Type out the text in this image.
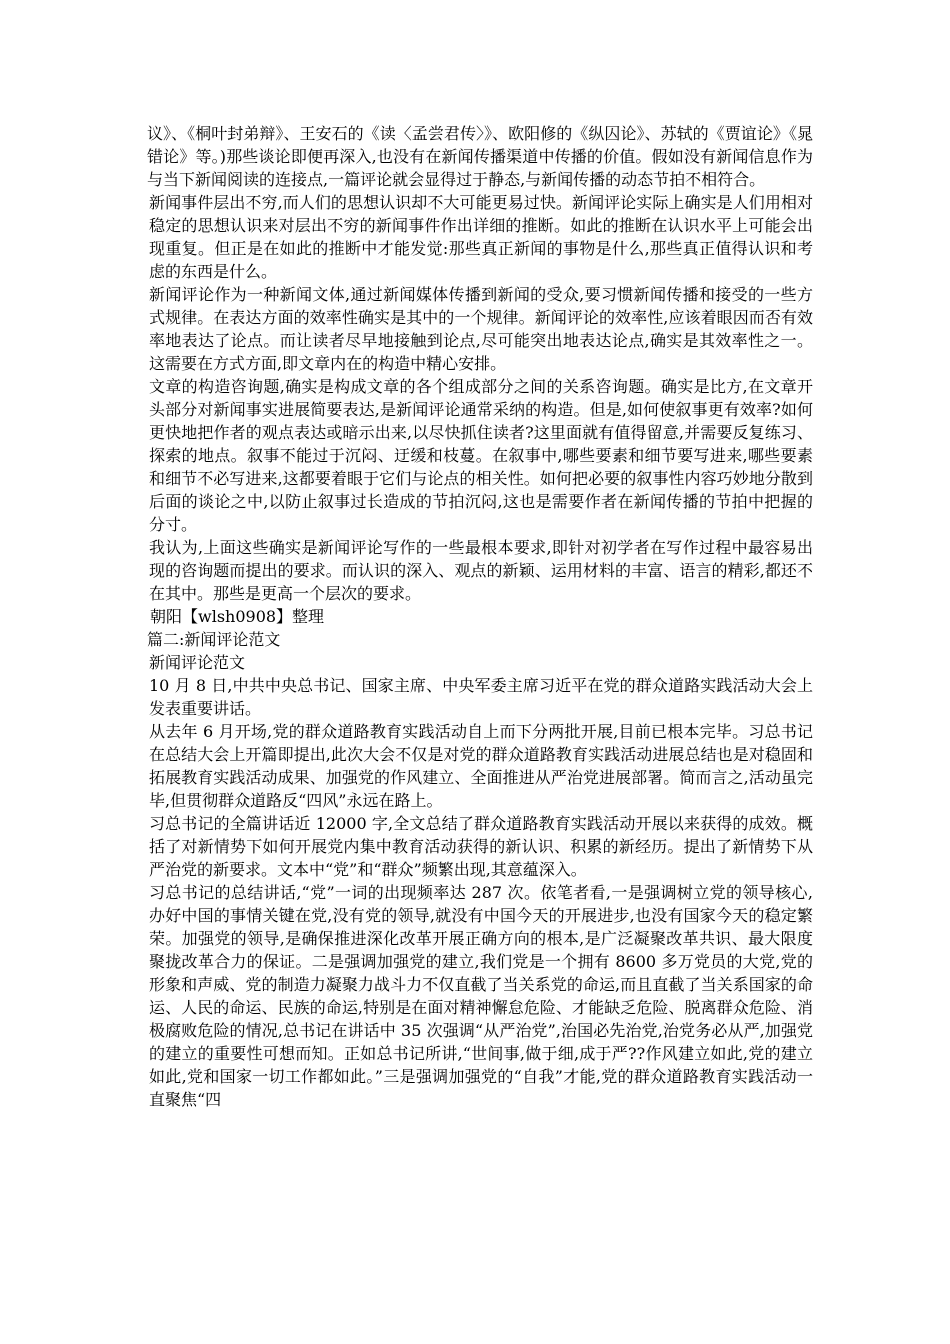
议》、《桐叶封弟辩》、王安石的《读〈孟尝君传〉》、欧阳修的《纵囚论》、苏轼的《贾谊论》《晁错论》等。)那些谈论即便再深入,也没有在新闻传播渠道中传播的价值。假如没有新闻信息作为与当下新闻阅读的连接点,一篇评论就会显得过于静态,与新闻传播的动态节拍不相符合。

新闻事件层出不穷,而人们的思想认识却不大可能更易过快。新闻评论实际上确实是人们用相对稳定的思想认识来对层出不穷的新闻事件作出详细的推断。如此的推断在认识水平上可能会出现重复。但正是在如此的推断中才能发觉:那些真正新闻的事物是什么,那些真正值得认识和考虑的东西是什么。

新闻评论作为一种新闻文体,通过新闻媒体传播到新闻的受众,要习惯新闻传播和接受的一些方式规律。在表达方面的效率性确实是其中的一个规律。新闻评论的效率性,应该着眼因而否有效率地表达了论点。而让读者尽早地接触到论点,尽可能突出地表达论点,确实是其效率性之一。这需要在方式方面,即文章内在的构造中精心安排。

文章的构造咨询题,确实是构成文章的各个组成部分之间的关系咨询题。确实是比方,在文章开头部分对新闻事实进展简要表达,是新闻评论通常采纳的构造。但是,如何使叙事更有效率?如何更快地把作者的观点表达或暗示出来,以尽快抓住读者?这里面就有值得留意,并需要反复练习、探索的地点。叙事不能过于沉闷、迂缓和枝蔓。在叙事中,哪些要素和细节要写进来,哪些要素和细节不必写进来,这都要着眼于它们与论点的相关性。如何把必要的叙事性内容巧妙地分散到后面的谈论之中,以防止叙事过长造成的节拍沉闷,这也是需要作者在新闻传播的节拍中把握的分寸。

我认为,上面这些确实是新闻评论写作的一些最根本要求,即针对初学者在写作过程中最容易出现的咨询题而提出的要求。而认识的深入、观点的新颖、运用材料的丰富、语言的精彩,都还不在其中。那些是更高一个层次的要求。

朝阳【wlsh0908】整理

篇二:新闻评论范文

新闻评论范文

10 月 8 日,中共中央总书记、国家主席、中央军委主席习近平在党的群众道路实践活动大会上发表重要讲话。

从去年 6 月开场,党的群众道路教育实践活动自上而下分两批开展,目前已根本完毕。习总书记在总结大会上开篇即提出,此次大会不仅是对党的群众道路教育实践活动进展总结也是对稳固和拓展教育实践活动成果、加强党的作风建立、全面推进从严治党进展部署。简而言之,活动虽完毕,但贯彻群众道路反“四风”永远在路上。

习总书记的全篇讲话近 12000 字,全文总结了群众道路教育实践活动开展以来获得的成效。概括了对新情势下如何开展党内集中教育活动获得的新认识、积累的新经历。提出了新情势下从严治党的新要求。文本中“党”和“群众”频繁出现,其意蕴深入。

习总书记的总结讲话,“党”一词的出现频率达 287 次。依笔者看,一是强调树立党的领导核心,办好中国的事情关键在党,没有党的领导,就没有中国今天的开展进步,也没有国家今天的稳定繁荣。加强党的领导,是确保推进深化改革开展正确方向的根本,是广泛凝聚改革共识、最大限度聚拢改革合力的保证。二是强调加强党的建立,我们党是一个拥有 8600 多万党员的大党,党的形象和声威、党的制造力凝聚力战斗力不仅直截了当关系党的命运,而且直截了当关系国家的命运、人民的命运、民族的命运,特别是在面对精神懈怠危险、才能缺乏危险、脱离群众危险、消极腐败危险的情况,总书记在讲话中 35 次强调“从严治党”,治国必先治党,治党务必从严,加强党的建立的重要性可想而知。正如总书记所讲,“世间事,做于细,成于严??作风建立如此,党的建立如此,党和国家一切工作都如此。”三是强调加强党的“自我”才能,党的群众道路教育实践活动一直聚焦“四
